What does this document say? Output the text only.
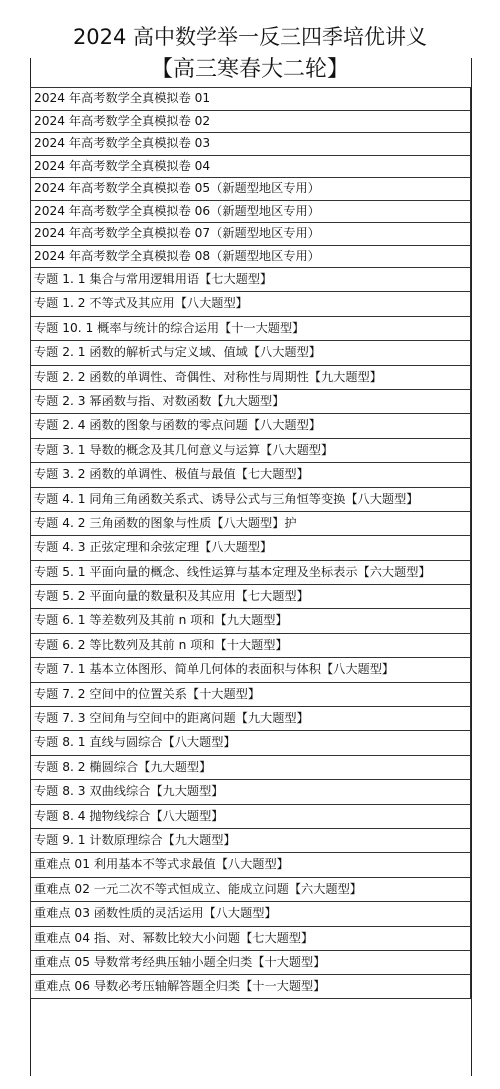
2024 高中数学举一反三四季培优讲义
【高三寒春大二轮】
2024 年高考数学全真模拟卷 01
2024 年高考数学全真模拟卷 02
2024 年高考数学全真模拟卷 03
2024 年高考数学全真模拟卷 04
2024 年高考数学全真模拟卷 05（新题型地区专用）
2024 年高考数学全真模拟卷 06（新题型地区专用）
2024 年高考数学全真模拟卷 07（新题型地区专用）
2024 年高考数学全真模拟卷 08（新题型地区专用）
专题 1. 1 集合与常用逻辑用语【七大题型】
专题 1. 2 不等式及其应用【八大题型】
专题 10. 1 概率与统计的综合运用【十一大题型】
专题 2. 1 函数的解析式与定义域、值域【八大题型】
专题 2. 2 函数的单调性、奇偶性、对称性与周期性【九大题型】
专题 2. 3 幂函数与指、对数函数【九大题型】
专题 2. 4 函数的图象与函数的零点问题【八大题型】
专题 3. 1 导数的概念及其几何意义与运算【八大题型】
专题 3. 2 函数的单调性、极值与最值【七大题型】
专题 4. 1 同角三角函数关系式、诱导公式与三角恒等变换【八大题型】
专题 4. 2 三角函数的图象与性质【八大题型】护
专题 4. 3 正弦定理和余弦定理【八大题型】
专题 5. 1 平面向量的概念、线性运算与基本定理及坐标表示【六大题型】
专题 5. 2 平面向量的数量积及其应用【七大题型】
专题 6. 1 等差数列及其前 n 项和【九大题型】
专题 6. 2 等比数列及其前 n 项和【十大题型】
专题 7. 1 基本立体图形、简单几何体的表面积与体积【八大题型】
专题 7. 2 空间中的位置关系【十大题型】
专题 7. 3 空间角与空间中的距离问题【九大题型】
专题 8. 1 直线与圆综合【八大题型】
专题 8. 2 椭圆综合【九大题型】
专题 8. 3 双曲线综合【九大题型】
专题 8. 4 抛物线综合【八大题型】
专题 9. 1 计数原理综合【九大题型】
重难点 01 利用基本不等式求最值【八大题型】
重难点 02 一元二次不等式恒成立、能成立问题【六大题型】
重难点 03 函数性质的灵活运用【八大题型】
重难点 04 指、对、幂数比较大小问题【七大题型】
重难点 05 导数常考经典压轴小题全归类【十大题型】
重难点 06 导数必考压轴解答题全归类【十一大题型】
